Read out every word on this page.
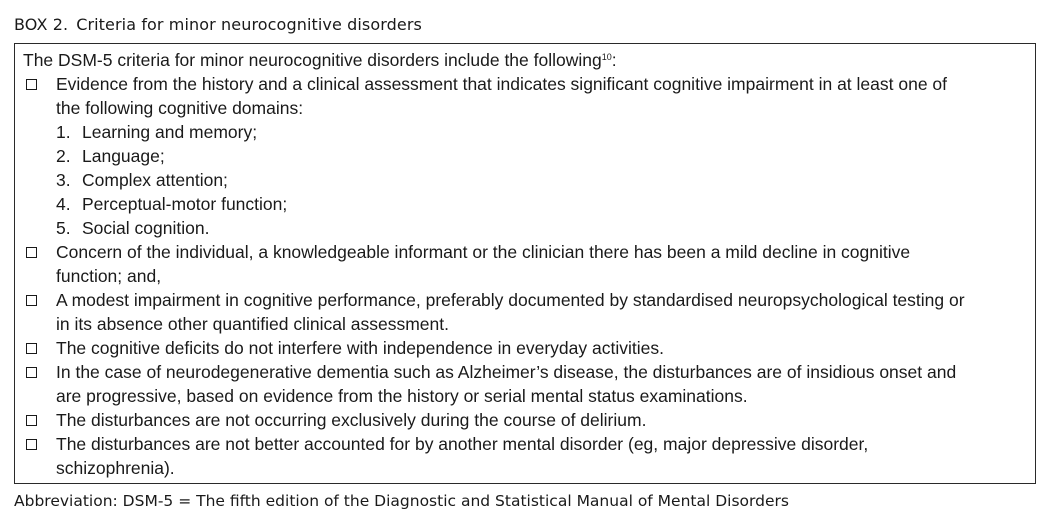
BOX 2. Criteria for minor neurocognitive disorders
The DSM-5 criteria for minor neurocognitive disorders include the following$^{10}$:
Evidence from the history and a clinical assessment that indicates significant cognitive impairment in at least one of
the following cognitive domains:
1. Learning and memory;
2. Language;
3. Complex attention;
4. Perceptual-motor function;
5. Social cognition.
Concern of the individual, a knowledgeable informant or the clinician there has been a mild decline in cognitive
function; and,
A modest impairment in cognitive performance, preferably documented by standardised neuropsychological testing or
in its absence other quantified clinical assessment.
The cognitive deficits do not interfere with independence in everyday activities.
In the case of neurodegenerative dementia such as Alzheimer’s disease, the disturbances are of insidious onset and
are progressive, based on evidence from the history or serial mental status examinations.
The disturbances are not occurring exclusively during the course of delirium.
The disturbances are not better accounted for by another mental disorder (eg, major depressive disorder,
schizophrenia).
Abbreviation: DSM-5 = The fifth edition of the Diagnostic and Statistical Manual of Mental Disorders
